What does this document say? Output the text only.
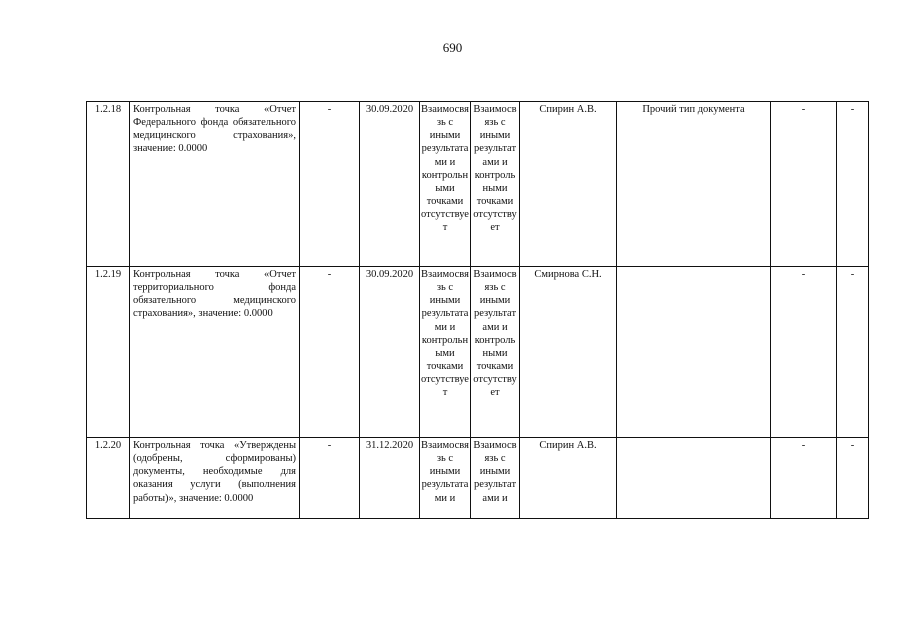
690
1.2.18	Контрольная точка «Отчет Федерального фонда обязательного медицинского страхования», значение: 0.0000	-	30.09.2020	Взаимосвязь с иными результатами и контрольными точками отсутствует	Взаимосвязь с иными результатами и контрольными точками отсутствует	Спирин А.В.	Прочий тип документа	-	-
1.2.19	Контрольная точка «Отчет территориального фонда обязательного медицинского страхования», значение: 0.0000	-	30.09.2020	Взаимосвязь с иными результатами и контрольными точками отсутствует	Взаимосвязь с иными результатами и контрольными точками отсутствует	Смирнова С.Н.		-	-
1.2.20	Контрольная точка «Утверждены (одобрены, сформированы) документы, необходимые для оказания услуги (выполнения работы)», значение: 0.0000	-	31.12.2020	Взаимосвязь с иными результатами и	Взаимосвязь с иными результатами и	Спирин А.В.		-	-
